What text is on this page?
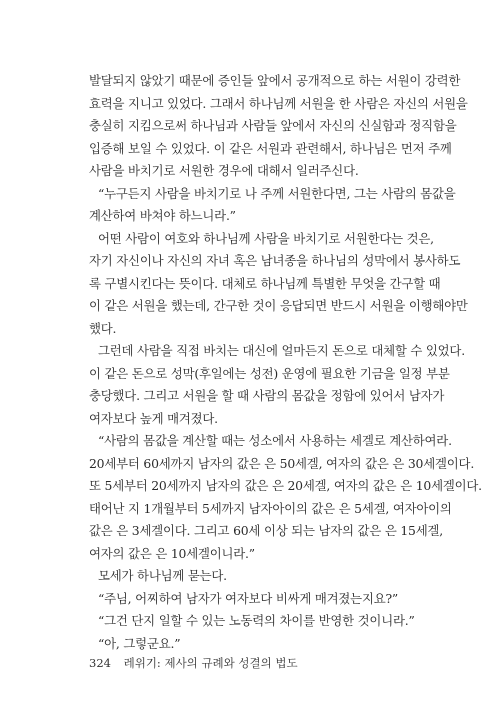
발달되지 않았기 때문에 증인들 앞에서 공개적으로 하는 서원이 강력한
효력을 지니고 있었다. 그래서 하나님께 서원을 한 사람은 자신의 서원을
충실히 지킴으로써 하나님과 사람들 앞에서 자신의 신실함과 정직함을
입증해 보일 수 있었다. 이 같은 서원과 관련해서, 하나님은 먼저 주께
사람을 바치기로 서원한 경우에 대해서 일러주신다.
“누구든지 사람을 바치기로 나 주께 서원한다면, 그는 사람의 몸값을
계산하여 바쳐야 하느니라.”
어떤 사람이 여호와 하나님께 사람을 바치기로 서원한다는 것은,
자기 자신이나 자신의 자녀 혹은 남녀종을 하나님의 성막에서 봉사하도
록 구별시킨다는 뜻이다. 대체로 하나님께 특별한 무엇을 간구할 때
이 같은 서원을 했는데, 간구한 것이 응답되면 반드시 서원을 이행해야만
했다.
그런데 사람을 직접 바치는 대신에 얼마든지 돈으로 대체할 수 있었다.
이 같은 돈으로 성막(후일에는 성전) 운영에 필요한 기금을 일정 부분
충당했다. 그리고 서원을 할 때 사람의 몸값을 정함에 있어서 남자가
여자보다 높게 매겨졌다.
“사람의 몸값을 계산할 때는 성소에서 사용하는 세겔로 계산하여라.
20세부터 60세까지 남자의 값은 은 50세겔, 여자의 값은 은 30세겔이다.
또 5세부터 20세까지 남자의 값은 은 20세겔, 여자의 값은 은 10세겔이다.
태어난 지 1개월부터 5세까지 남자아이의 값은 은 5세겔, 여자아이의
값은 은 3세겔이다. 그리고 60세 이상 되는 남자의 값은 은 15세겔,
여자의 값은 은 10세겔이니라.”
모세가 하나님께 묻는다.
“주님, 어찌하여 남자가 여자보다 비싸게 매겨졌는지요?”
“그건 단지 일할 수 있는 노동력의 차이를 반영한 것이니라.”
“아, 그렇군요.”
324 레위기: 제사의 규례와 성결의 법도
